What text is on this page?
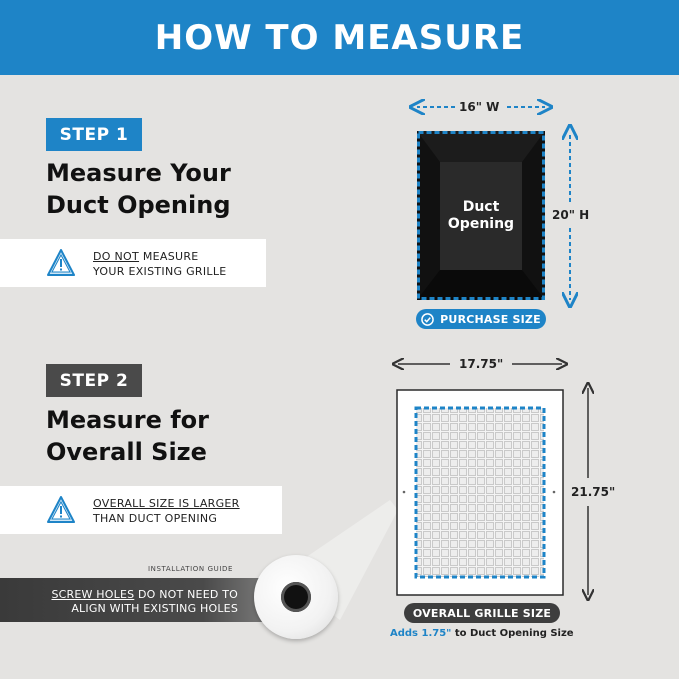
HOW TO MEASURE
STEP 1
Measure Your
Duct Opening
DO NOT MEASURE
YOUR EXISTING GRILLE
STEP 2
Measure for
Overall Size
OVERALL SIZE IS LARGER
THAN DUCT OPENING
INSTALLATION GUIDE
SCREW HOLES DO NOT NEED TO
ALIGN WITH EXISTING HOLES
16" W
20" H
Duct
Opening
PURCHASE SIZE
17.75"
21.75"
OVERALL GRILLE SIZE
Adds 1.75" to Duct Opening Size
